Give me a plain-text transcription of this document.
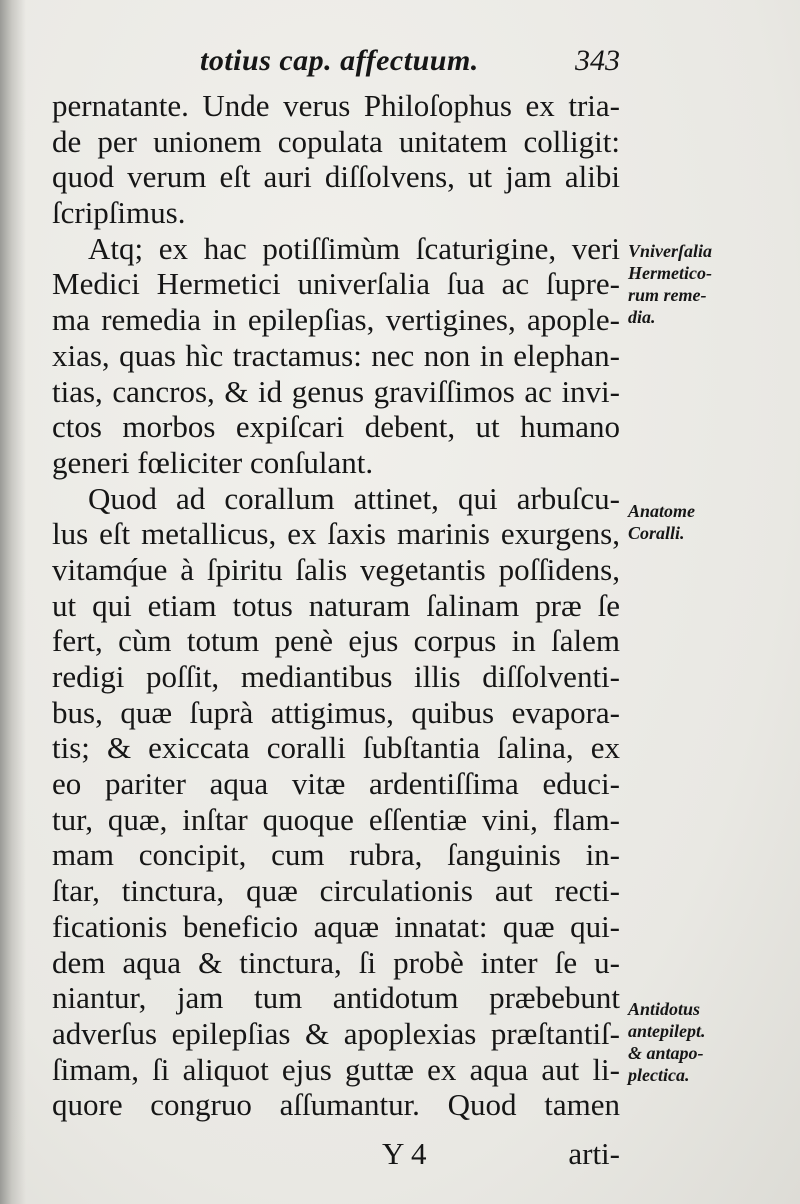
totius cap. affectuum.	343
pernatante. Unde verus Philoſophus ex tria-
de per unionem copulata unitatem colligit:
quod verum eſt auri diſſolvens, ut jam alibi
ſcripſimus.
Atq; ex hac potiſſimùm ſcaturigine, veri
Medici Hermetici univerſalia ſua ac ſupre-
ma remedia in epilepſias, vertigines, apople-
xias, quas hìc tractamus: nec non in elephan-
tias, cancros, & id genus graviſſimos ac invi-
ctos morbos expiſcari debent, ut humano
generi fœliciter conſulant.
Quod ad corallum attinet, qui arbuſcu-
lus eſt metallicus, ex ſaxis marinis exurgens,
vitamq́ue à ſpiritu ſalis vegetantis poſſidens,
ut qui etiam totus naturam ſalinam præ ſe
fert, cùm totum penè ejus corpus in ſalem
redigi poſſit, mediantibus illis diſſolventi-
bus, quæ ſuprà attigimus, quibus evapora-
tis; & exiccata coralli ſubſtantia ſalina, ex
eo pariter aqua vitæ ardentiſſima educi-
tur, quæ, inſtar quoque eſſentiæ vini, flam-
mam concipit, cum rubra, ſanguinis in-
ſtar, tinctura, quæ circulationis aut recti-
ficationis beneficio aquæ innatat: quæ qui-
dem aqua & tinctura, ſi probè inter ſe u-
niantur, jam tum antidotum præbebunt
adverſus epilepſias & apoplexias præſtantiſ-
ſimam, ſi aliquot ejus guttæ ex aqua aut li-
quore congruo aſſumantur. Quod tamen
Vniverſalia
Hermetico-
rum reme-
dia.
Anatome
Coralli.
Antidotus
antepilept.
& antapo-
plectica.
Y 4	arti-
